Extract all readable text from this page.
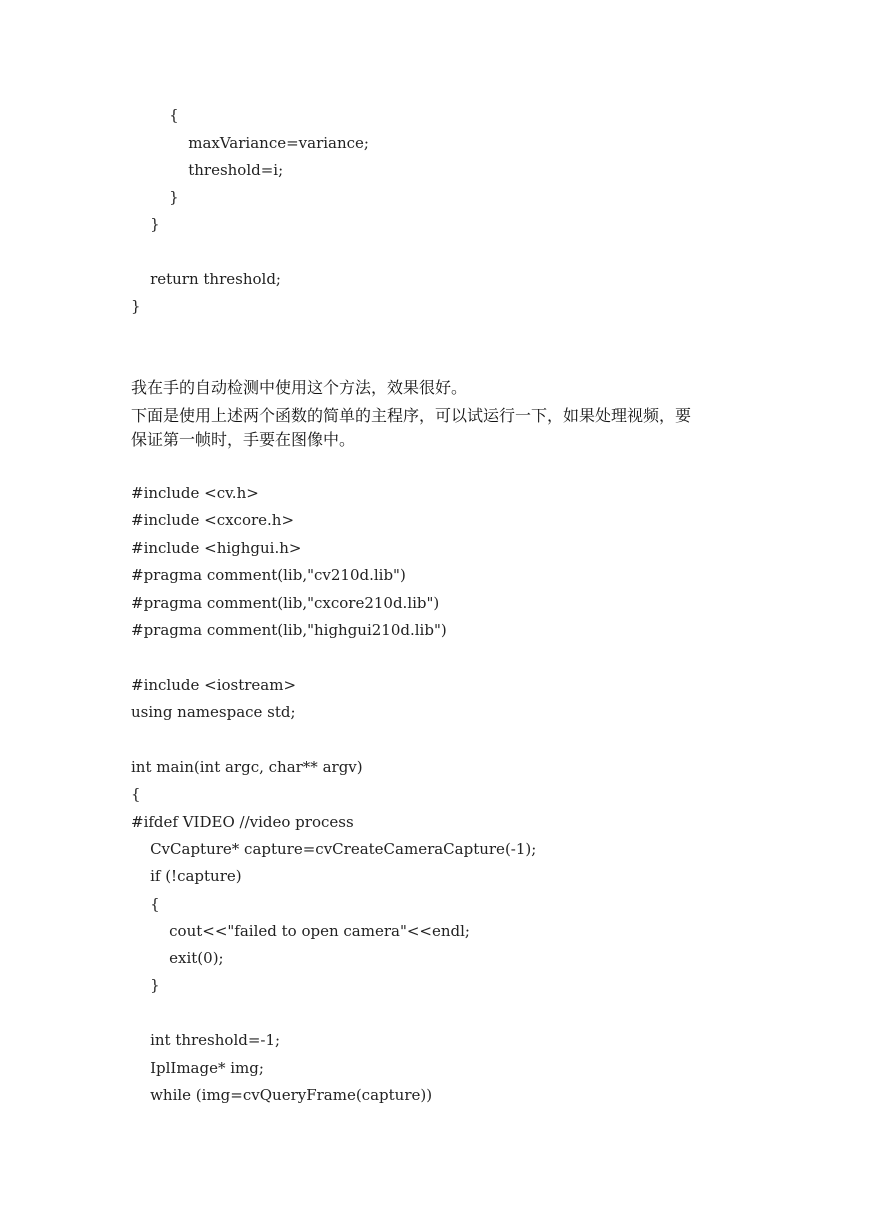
{
maxVariance=variance;
threshold=i;
}
}
return threshold;
}
我在手的自动检测中使用这个方法，效果很好。
下面是使用上述两个函数的简单的主程序，可以试运行一下，如果处理视频，要
保证第一帧时，手要在图像中。
#include <cv.h>
#include <cxcore.h>
#include <highgui.h>
#pragma comment(lib,"cv210d.lib")
#pragma comment(lib,"cxcore210d.lib")
#pragma comment(lib,"highgui210d.lib")
#include <iostream>
using namespace std;
int main(int argc, char** argv)
{
#ifdef VIDEO //video process
CvCapture* capture=cvCreateCameraCapture(-1);
if (!capture)
{
cout<<"failed to open camera"<<endl;
exit(0);
}
int threshold=-1;
IplImage* img;
while (img=cvQueryFrame(capture))
